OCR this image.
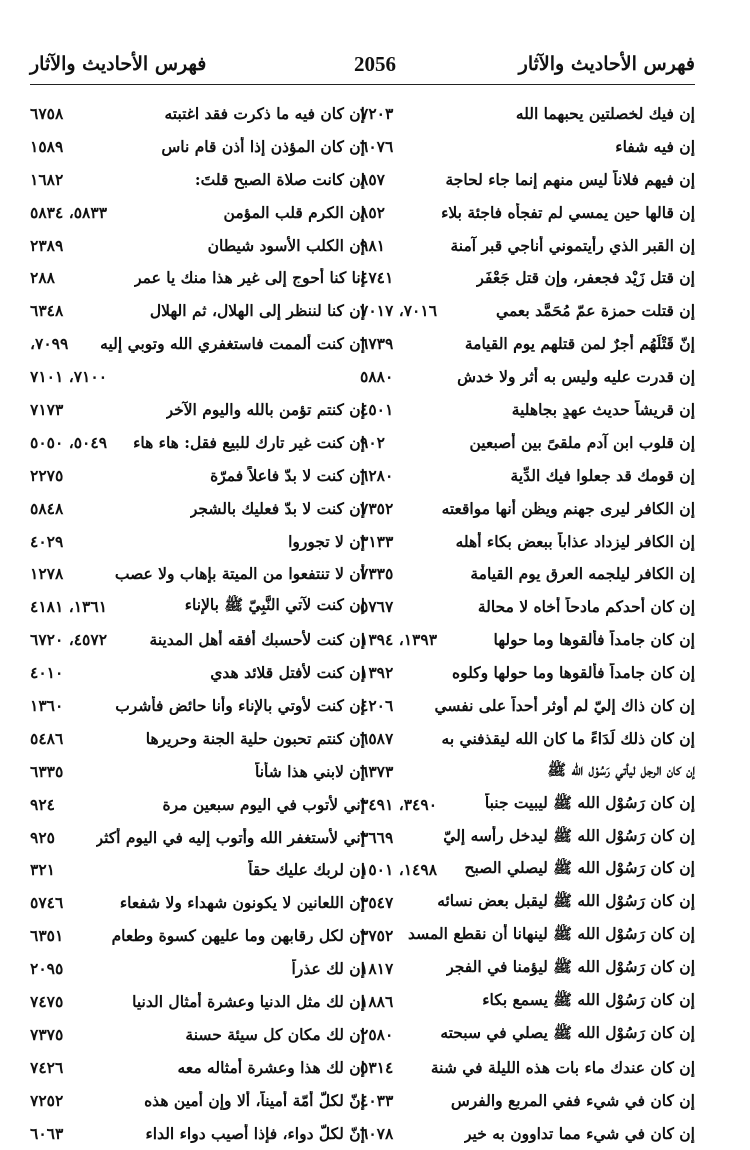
فهرس الأحاديث والآثار
2056
فهرس الأحاديث والآثار
إن فيك لخصلتين يحبهما الله
٧٢٠٣
إن فيه شفاء
٦٠٧٦
إن فيهم فلاناً ليس منهم إنما جاء لحاجة
٨٥٧
إن قالها حين يمسي لم تفجأه فاجئة بلاء
٨٥٢
إن القبر الذي رأيتموني أناجي قبر آمنة
٩٨١
إن قتل زَيْد فجعفر، وإن قتل جَعْفَر
٤٧٤١
إن قتلت حمزة عمّ مُحَمَّد بعمي
٧٠١٦، ٧٠١٧
إنّ قَتْلَهُم أجرٌ لمن قتلهم يوم القيامة
٦٧٣٩
إن قدرت عليه وليس به أثر ولا خدش
٥٨٨٠
إن قريشاً حديث عهدٍ بجاهلية
٤٥٠١
إن قلوب ابن آدم ملقىً بين أصبعين
٩٠٢
إن قومك قد جعلوا فيك الدِّية
٦٢٨٠
إن الكافر ليرى جهنم ويظن أنها مواقعته
٧٣٥٢
إن الكافر ليزداد عذاباً ببعض بكاء أهله
٣١٣٣
إن الكافر ليلجمه العرق يوم القيامة
٧٣٣٥
إن كان أحدكم مادحاً أخاه لا محالة
٥٧٦٧
إن كان جامداً فألقوها وما حولها
١٣٩٣، ١٣٩٤
إن كان جامداً فألقوها وما حولها وكلوه
١٣٩٢
إن كان ذاك إليّ لم أوثر أحداً على نفسي
٤٢٠٦
إن كان ذلك لَدَاءً ما كان الله ليقذفني به
٦٥٨٧
إن كان الرجل ليأتي رَسُوْل الله ﷺ
٦٣٧٣
إن كان رَسُوْل الله ﷺ ليبيت جنباً
٣٤٩٠، ٣٤٩١
إن كان رَسُوْل الله ﷺ ليدخل رأسه إليّ
٣٦٦٩
إن كان رَسُوْل الله ﷺ ليصلي الصبح
١٤٩٨، ١٥٠١
إن كان رَسُوْل الله ﷺ ليقبل بعض نسائه
٣٥٤٧
إن كان رَسُوْل الله ﷺ لينهانا أن نقطع المسد
٣٧٥٢
إن كان رَسُوْل الله ﷺ ليؤمنا في الفجر
١٨١٧
إن كان رَسُوْل الله ﷺ يسمع بكاء
١٨٨٦
إن كان رَسُوْل الله ﷺ يصلي في سبحته
٢٥٨٠
إن كان عندك ماء بات هذه الليلة في شنة
٥٣١٤
إن كان في شيء ففي المربع والفرس
٤٠٣٣
إن كان في شيء مما تداوون به خير
٦٠٧٨
إن كان فيه ما ذكرت فقد اغتبته
٦٧٥٨
إن كان المؤذن إذا أذن قام ناس
١٥٨٩
إن كانت صلاة الصبح قلتَ:
١٦٨٢
إن الكرم قلب المؤمن
٥٨٣٣، ٥٨٣٤
إن الكلب الأسود شيطان
٢٣٨٩
إنا كنا أحوج إلى غير هذا منك يا عمر
٢٨٨
إن كنا لننظر إلى الهلال، ثم الهلال
٦٣٤٨
إن كنت ألممت فاستغفري الله وتوبي إليه
٧٠٩٩،
٧١٠٠، ٧١٠١
إن كنتم تؤمن بالله واليوم الآخر
٧١٧٣
إن كنت غير تارك للبيع فقل: هاء هاء
٥٠٤٩، ٥٠٥٠
إن كنت لا بدّ فاعلاً فمرّة
٢٢٧٥
إن كنت لا بدّ فعليك بالشجر
٥٨٤٨
إن لا تجوروا
٤٠٢٩
أن لا تنتفعوا من الميتة بإهاب ولا عصب
١٢٧٨
إن كنت لآتي النَّبِيّ ﷺ بالإناء
١٣٦١، ٤١٨١
إن كنت لأحسبك أفقه أهل المدينة
٤٥٧٢، ٦٧٢٠
إن كنت لأفتل قلائد هدي
٤٠١٠
إن كنت لأوتي بالإناء وأنا حائض فأشرب
١٣٦٠
إن كنتم تحبون حلية الجنة وحريرها
٥٤٨٦
إن لابني هذا شأناً
٦٣٣٥
إني لأتوب في اليوم سبعين مرة
٩٢٤
إني لأستغفر الله وأتوب إليه في اليوم أكثر
٩٢٥
إن لربك عليك حقاً
٣٢١
إن اللعانين لا يكونون شهداء ولا شفعاء
٥٧٤٦
إن لكل رقابهن وما عليهن كسوة وطعام
٦٣٥١
إن لك عذراً
٢٠٩٥
إن لك مثل الدنيا وعشرة أمثال الدنيا
٧٤٧٥
إن لك مكان كل سيئة حسنة
٧٣٧٥
إن لك هذا وعشرة أمثاله معه
٧٤٢٦
إنّ لكلّ أمّة أميناً، ألا وإن أمين هذه
٧٢٥٢
إنّ لكلّ دواء، فإذا أصيب دواء الداء
٦٠٦٣
